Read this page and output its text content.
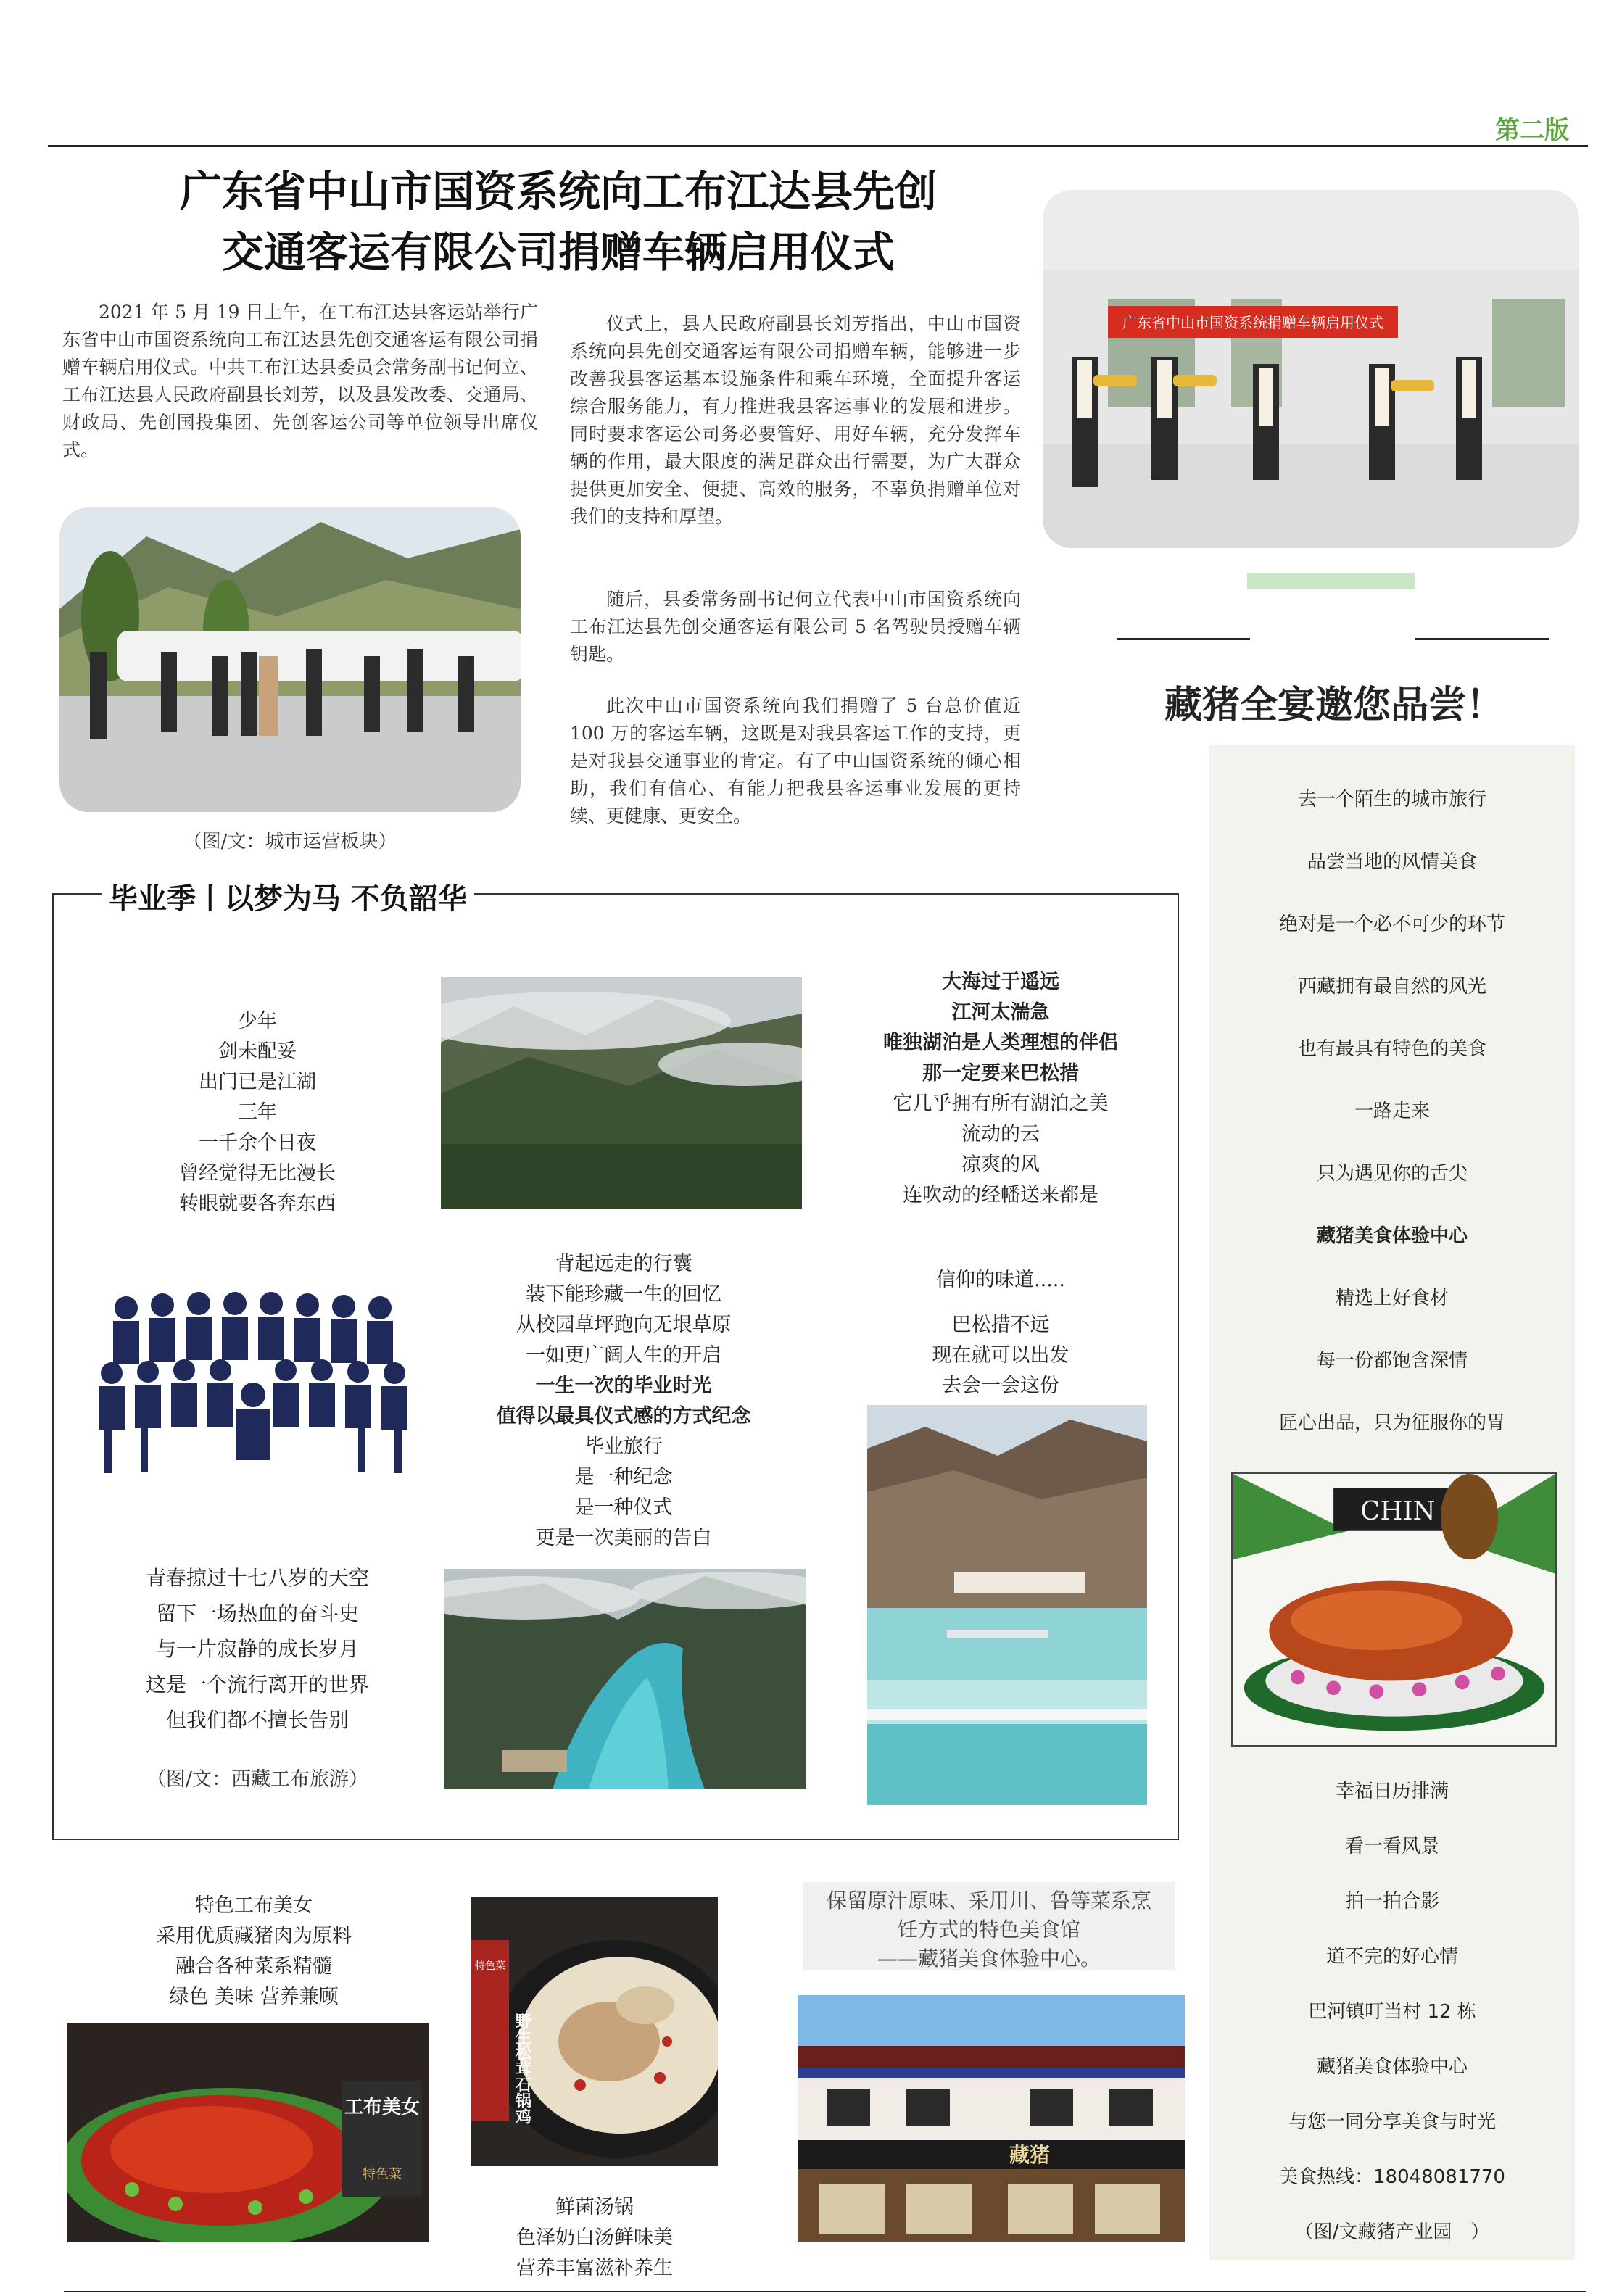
第二版
广东省中山市国资系统向工布江达县先创
交通客运有限公司捐赠车辆启用仪式

2021 年 5 月 19 日上午，在工布江达县客运站举行广东省中山市国资系统向工布江达县先创交通客运有限公司捐赠车辆启用仪式。中共工布江达县委员会常务副书记何立、工布江达县人民政府副县长刘芳，以及县发改委、交通局、财政局、先创国投集团、先创客运公司等单位领导出席仪式。

仪式上，县人民政府副县长刘芳指出，中山市国资系统向县先创交通客运有限公司捐赠车辆，能够进一步改善我县客运基本设施条件和乘车环境，全面提升客运综合服务能力，有力推进我县客运事业的发展和进步。同时要求客运公司务必要管好、用好车辆，充分发挥车辆的作用，最大限度的满足群众出行需要，为广大群众提供更加安全、便捷、高效的服务，不辜负捐赠单位对我们的支持和厚望。

随后，县委常务副书记何立代表中山市国资系统向工布江达县先创交通客运有限公司 5 名驾驶员授赠车辆钥匙。

此次中山市国资系统向我们捐赠了 5 台总价值近 100 万的客运车辆，这既是对我县客运工作的支持，更是对我县交通事业的肯定。有了中山国资系统的倾心相助，我们有信心、有能力把我县客运事业发展的更持续、更健康、更安全。

（图/文：城市运营板块）
广东省中山市国资系统捐赠车辆启用仪式
藏猪全宴邀您品尝！
去一个陌生的城市旅行
品尝当地的风情美食
绝对是一个必不可少的环节
西藏拥有最自然的风光
也有最具有特色的美食
一路走来
只为遇见你的舌尖
藏猪美食体验中心
精选上好食材
每一份都饱含深情
匠心出品，只为征服你的胃
幸福日历排满
看一看风景
拍一拍合影
道不完的好心情
巴河镇叮当村 12 栋
藏猪美食体验中心
与您一同分享美食与时光
美食热线：18048081770
（图/文藏猪产业园　）
CHIN
毕业季丨以梦为马 不负韶华
少年
剑未配妥
出门已是江湖
三年
一千余个日夜
曾经觉得无比漫长
转眼就要各奔东西
背起远走的行囊
装下能珍藏一生的回忆
从校园草坪跑向无垠草原
一如更广阔人生的开启
一生一次的毕业时光
值得以最具仪式感的方式纪念
毕业旅行
是一种纪念
是一种仪式
更是一次美丽的告白
大海过于遥远
江河太湍急
唯独湖泊是人类理想的伴侣
那一定要来巴松措
它几乎拥有所有湖泊之美
流动的云
凉爽的风
连吹动的经幡送来都是
信仰的味道.....
巴松措不远
现在就可以出发
去会一会这份
青春掠过十七八岁的天空
留下一场热血的奋斗史
与一片寂静的成长岁月
这是一个流行离开的世界
但我们都不擅长告别
（图/文：西藏工布旅游）
特色工布美女
采用优质藏猪肉为原料
融合各种菜系精髓
绿色 美味 营养兼顾
工布美女
特色菜
特色菜
野生松茸石锅鸡
鲜菌汤锅
色泽奶白汤鲜味美
营养丰富滋补养生
保留原汁原味、采用川、鲁等菜系烹
饪方式的特色美食馆
——藏猪美食体验中心。
藏猪
